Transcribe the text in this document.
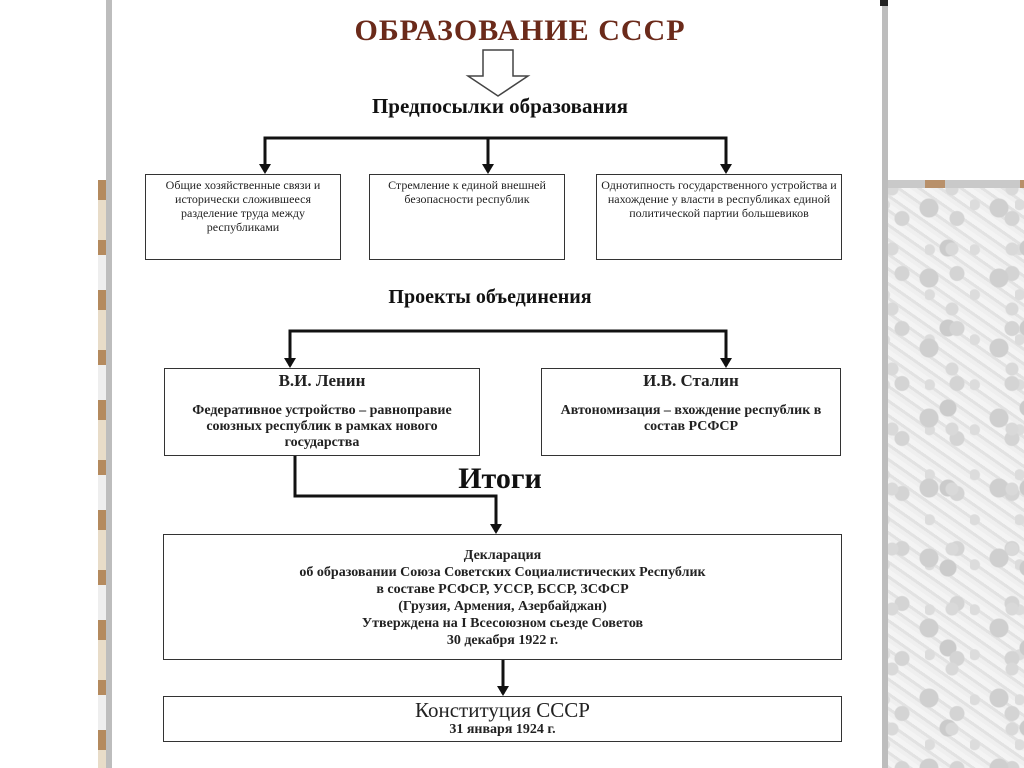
ОБРАЗОВАНИЕ СССР
Предпосылки образования
Общие хозяйственные связи и исторически сложившееся разделение труда между республиками
Стремление к единой внешней безопасности республик
Однотипность государственного устройства и нахождение у власти в республиках единой политической партии большевиков
Проекты объединения
В.И. Ленин
Федеративное устройство – равноправие союзных республик в рамках нового государства
И.В. Сталин
Автономизация – вхождение республик в состав РСФСР
Итоги
Декларация
об образовании Союза Советских Социалистических Республик
в составе РСФСР, УССР, БССР, ЗСФСР
(Грузия, Армения, Азербайджан)
Утверждена на I Всесоюзном сьезде Советов
30 декабря 1922 г.
Конституция СССР
31 января 1924 г.
